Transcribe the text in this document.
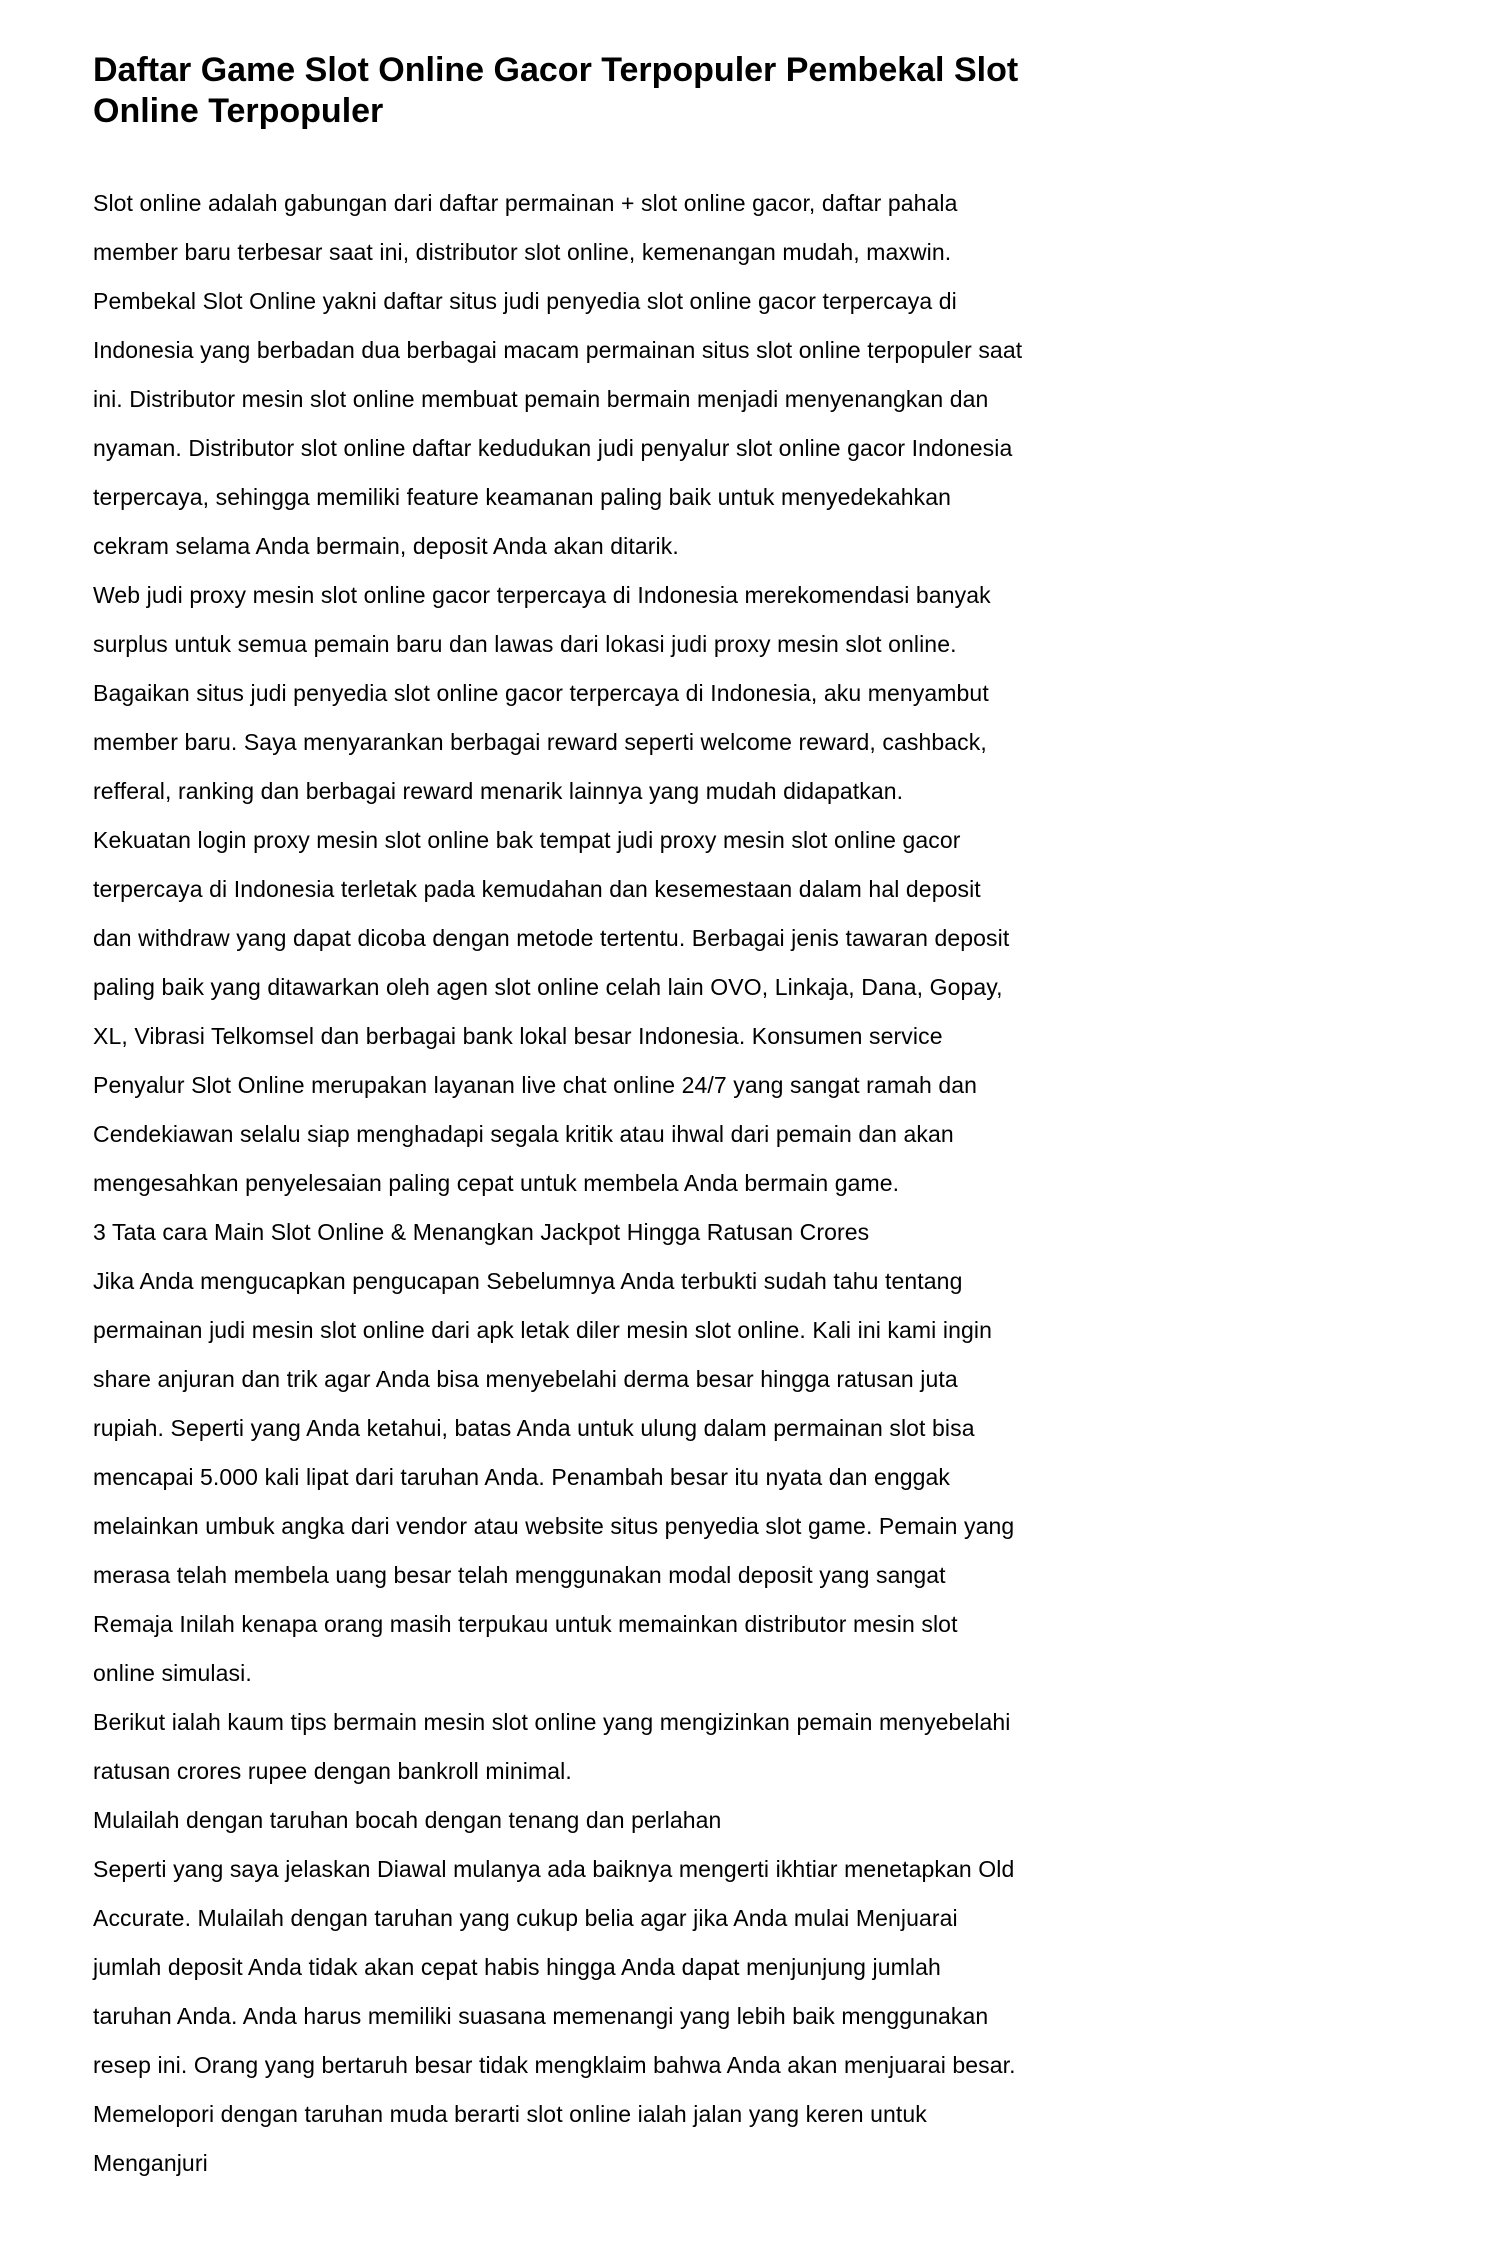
Daftar Game Slot Online Gacor Terpopuler Pembekal Slot Online Terpopuler

Slot online adalah gabungan dari daftar permainan + slot online gacor, daftar pahala member baru terbesar saat ini, distributor slot online, kemenangan mudah, maxwin. Pembekal Slot Online yakni daftar situs judi penyedia slot online gacor terpercaya di Indonesia yang berbadan dua berbagai macam permainan situs slot online terpopuler saat ini. Distributor mesin slot online membuat pemain bermain menjadi menyenangkan dan nyaman. Distributor slot online daftar kedudukan judi penyalur slot online gacor Indonesia terpercaya, sehingga memiliki feature keamanan paling baik untuk menyedekahkan cekram selama Anda bermain, deposit Anda akan ditarik.

Web judi proxy mesin slot online gacor terpercaya di Indonesia merekomendasi banyak surplus untuk semua pemain baru dan lawas dari lokasi judi proxy mesin slot online. Bagaikan situs judi penyedia slot online gacor terpercaya di Indonesia, aku menyambut member baru. Saya menyarankan berbagai reward seperti welcome reward, cashback, refferal, ranking dan berbagai reward menarik lainnya yang mudah didapatkan.

Kekuatan login proxy mesin slot online bak tempat judi proxy mesin slot online gacor terpercaya di Indonesia terletak pada kemudahan dan kesemestaan dalam hal deposit dan withdraw yang dapat dicoba dengan metode tertentu. Berbagai jenis tawaran deposit paling baik yang ditawarkan oleh agen slot online celah lain OVO, Linkaja, Dana, Gopay, XL, Vibrasi Telkomsel dan berbagai bank lokal besar Indonesia. Konsumen service Penyalur Slot Online merupakan layanan live chat online 24/7 yang sangat ramah dan Cendekiawan selalu siap menghadapi segala kritik atau ihwal dari pemain dan akan mengesahkan penyelesaian paling cepat untuk membela Anda bermain game.

3 Tata cara Main Slot Online & Menangkan Jackpot Hingga Ratusan Crores

Jika Anda mengucapkan pengucapan Sebelumnya Anda terbukti sudah tahu tentang permainan judi mesin slot online dari apk letak diler mesin slot online. Kali ini kami ingin share anjuran dan trik agar Anda bisa menyebelahi derma besar hingga ratusan juta rupiah. Seperti yang Anda ketahui, batas Anda untuk ulung dalam permainan slot bisa mencapai 5.000 kali lipat dari taruhan Anda. Penambah besar itu nyata dan enggak melainkan umbuk angka dari vendor atau website situs penyedia slot game. Pemain yang merasa telah membela uang besar telah menggunakan modal deposit yang sangat Remaja Inilah kenapa orang masih terpukau untuk memainkan distributor mesin slot online simulasi.

Berikut ialah kaum tips bermain mesin slot online yang mengizinkan pemain menyebelahi ratusan crores rupee dengan bankroll minimal.

Mulailah dengan taruhan bocah dengan tenang dan perlahan

Seperti yang saya jelaskan Diawal mulanya ada baiknya mengerti ikhtiar menetapkan Old Accurate. Mulailah dengan taruhan yang cukup belia agar jika Anda mulai Menjuarai jumlah deposit Anda tidak akan cepat habis hingga Anda dapat menjunjung jumlah taruhan Anda. Anda harus memiliki suasana memenangi yang lebih baik menggunakan resep ini. Orang yang bertaruh besar tidak mengklaim bahwa Anda akan menjuarai besar. Memelopori dengan taruhan muda berarti slot online ialah jalan yang keren untuk Menganjuri
